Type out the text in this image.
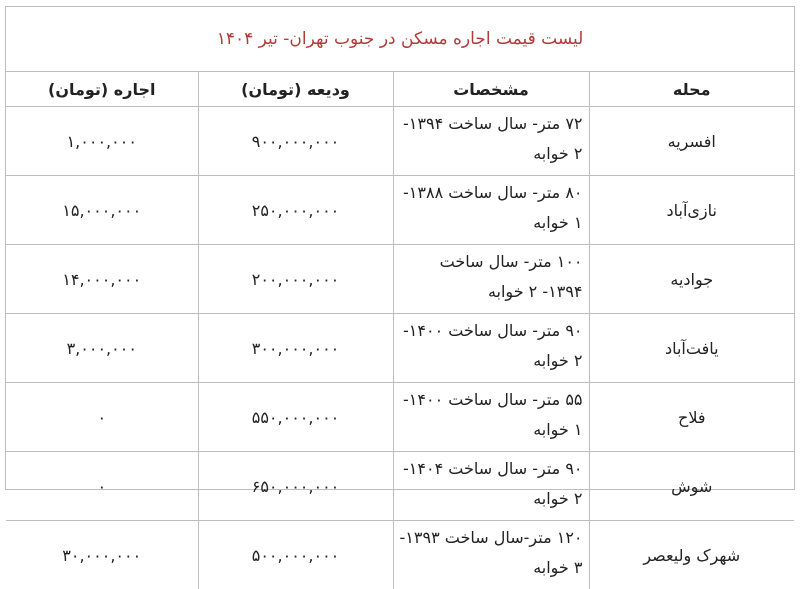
لیست قیمت اجاره مسکن در جنوب تهران- تیر ۱۴۰۴
محله	مشخصات	ودیعه (تومان)	اجاره (تومان)
افسریه	۷۲ متر- سال ساخت ۱۳۹۴- ۲ خوابه	۹۰۰,۰۰۰,۰۰۰	۱,۰۰۰,۰۰۰
نازی‌آباد	۸۰ متر- سال ساخت ۱۳۸۸- ۱ خوابه	۲۵۰,۰۰۰,۰۰۰	۱۵,۰۰۰,۰۰۰
جوادیه	۱۰۰ متر- سال ساخت ۱۳۹۴- ۲ خوابه	۲۰۰,۰۰۰,۰۰۰	۱۴,۰۰۰,۰۰۰
یافت‌آباد	۹۰ متر- سال ساخت ۱۴۰۰- ۲ خوابه	۳۰۰,۰۰۰,۰۰۰	۳,۰۰۰,۰۰۰
فلاح	۵۵ متر- سال ساخت ۱۴۰۰- ۱ خوابه	۵۵۰,۰۰۰,۰۰۰	۰
شوش	۹۰ متر- سال ساخت ۱۴۰۴- ۲ خوابه	۶۵۰,۰۰۰,۰۰۰	۰
شهرک ولیعصر	۱۲۰ متر-سال ساخت ۱۳۹۳- ۳ خوابه	۵۰۰,۰۰۰,۰۰۰	۳۰,۰۰۰,۰۰۰
